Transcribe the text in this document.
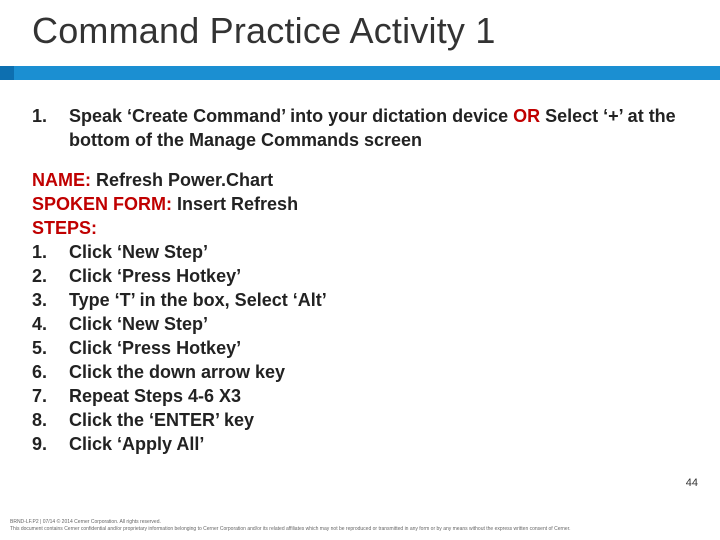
Command Practice Activity 1
1.	Speak ‘Create Command’ into your dictation device OR Select ‘+’ at the bottom of the Manage Commands screen
NAME: Refresh Power.Chart
SPOKEN FORM: Insert Refresh
STEPS:
1.	Click ‘New Step’
2.	Click ‘Press Hotkey’
3.	Type ‘T’ in the box, Select ‘Alt’
4.	Click ‘New Step’
5.	Click ‘Press Hotkey’
6.	Click the down arrow key
7.	Repeat Steps 4-6 X3
8.	Click the ‘ENTER’ key
9.	Click ‘Apply All’
44
BRND-LF.P2 | 07/14 © 2014 Cerner Corporation. All rights reserved.
This document contains Cerner confidential and/or proprietary information belonging to Cerner Corporation and/or its related affiliates which may not be reproduced or transmitted in any form or by any means without the express written consent of Cerner.
